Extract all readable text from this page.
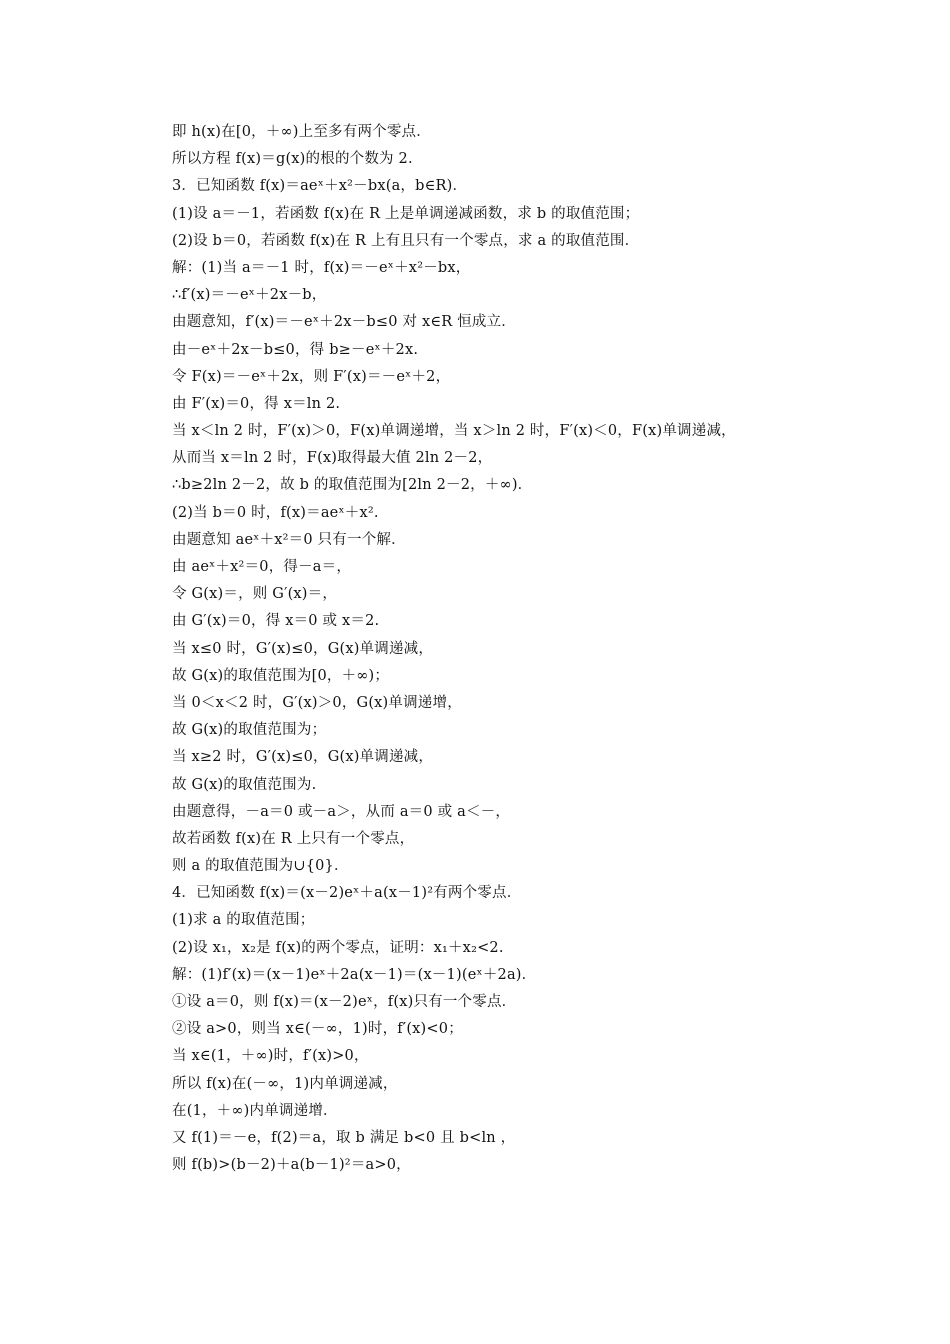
即 h(x)在[0，＋∞)上至多有两个零点．
所以方程 f(x)＝g(x)的根的个数为 2.
3．已知函数 f(x)＝aeˣ＋x²－bx(a，b∈R)．
(1)设 a＝－1，若函数 f(x)在 R 上是单调递减函数，求 b 的取值范围；
(2)设 b＝0，若函数 f(x)在 R 上有且只有一个零点，求 a 的取值范围．
解：(1)当 a＝－1 时，f(x)＝－eˣ＋x²－bx，
∴f′(x)＝－eˣ＋2x－b，
由题意知，f′(x)＝－eˣ＋2x－b≤0 对 x∈R 恒成立．
由－eˣ＋2x－b≤0，得 b≥－eˣ＋2x.
令 F(x)＝－eˣ＋2x，则 F′(x)＝－eˣ＋2，
由 F′(x)＝0，得 x＝ln 2.
当 x＜ln 2 时，F′(x)＞0，F(x)单调递增，当 x＞ln 2 时，F′(x)＜0，F(x)单调递减，
从而当 x＝ln 2 时，F(x)取得最大值 2ln 2－2，
∴b≥2ln 2－2，故 b 的取值范围为[2ln 2－2，＋∞)．
(2)当 b＝0 时，f(x)＝aeˣ＋x².
由题意知 aeˣ＋x²＝0 只有一个解．
由 aeˣ＋x²＝0，得－a＝，
令 G(x)＝，则 G′(x)＝，
由 G′(x)＝0，得 x＝0 或 x＝2.
当 x≤0 时，G′(x)≤0，G(x)单调递减，
故 G(x)的取值范围为[0，＋∞)；
当 0＜x＜2 时，G′(x)＞0，G(x)单调递增，
故 G(x)的取值范围为；
当 x≥2 时，G′(x)≤0，G(x)单调递减，
故 G(x)的取值范围为.
由题意得，－a＝0 或－a＞，从而 a＝0 或 a＜－，
故若函数 f(x)在 R 上只有一个零点，
则 a 的取值范围为∪{0}．
4．已知函数 f(x)＝(x－2)eˣ＋a(x－1)²有两个零点．
(1)求 a 的取值范围；
(2)设 x₁，x₂是 f(x)的两个零点，证明：x₁＋x₂<2.
解：(1)f′(x)＝(x－1)eˣ＋2a(x－1)＝(x－1)(eˣ＋2a)．
①设 a＝0，则 f(x)＝(x－2)eˣ，f(x)只有一个零点．
②设 a>0，则当 x∈(－∞，1)时，f′(x)<0；
当 x∈(1，＋∞)时，f′(x)>0，
所以 f(x)在(－∞，1)内单调递减，
在(1，＋∞)内单调递增．
又 f(1)＝－e，f(2)＝a，取 b 满足 b<0 且 b<ln ，
则 f(b)>(b－2)＋a(b－1)²＝a>0，
